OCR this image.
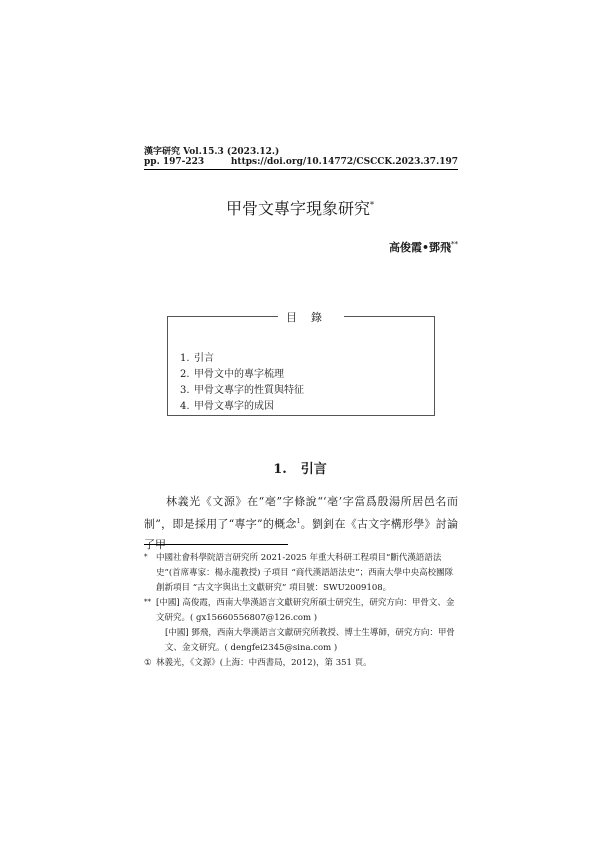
漢字研究 Vol.15.3 (2023.12.)
pp. 197-223	https://doi.org/10.14772/CSCCK.2023.37.197
甲骨文專字現象研究*
高俊霞•鄧飛**
目錄
1. 引言
2. 甲骨文中的專字梳理
3. 甲骨文專字的性質與特征
4. 甲骨文專字的成因
1. 引言

林義光《文源》在“亳”字條說“‘亳’字當爲殷湯所居邑名而制”，即是採用了“專字”的概念$^1$。劉釗在《古文字構形學》討論了甲

* 中國社會科學院語言研究所 2021-2025 年重大科研工程項目“斷代漢語語法史”(首席專家：楊永龍教授) 子項目 “商代漢語語法史”；西南大學中央高校團隊創新項目 “古文字與出土文獻研究” 項目號：SWU2009108。
** [中國] 高俊霞，西南大學漢語言文獻研究所碩士研究生，研究方向：甲骨文、金文研究。( gx15660556807@126.com )
[中國] 鄧飛，西南大學漢語言文獻研究所教授、博士生導師，研究方向：甲骨文、金文研究。( dengfei2345@sina.com )
① 林義光，《文源》(上海：中西書局，2012)，第 351 頁。
